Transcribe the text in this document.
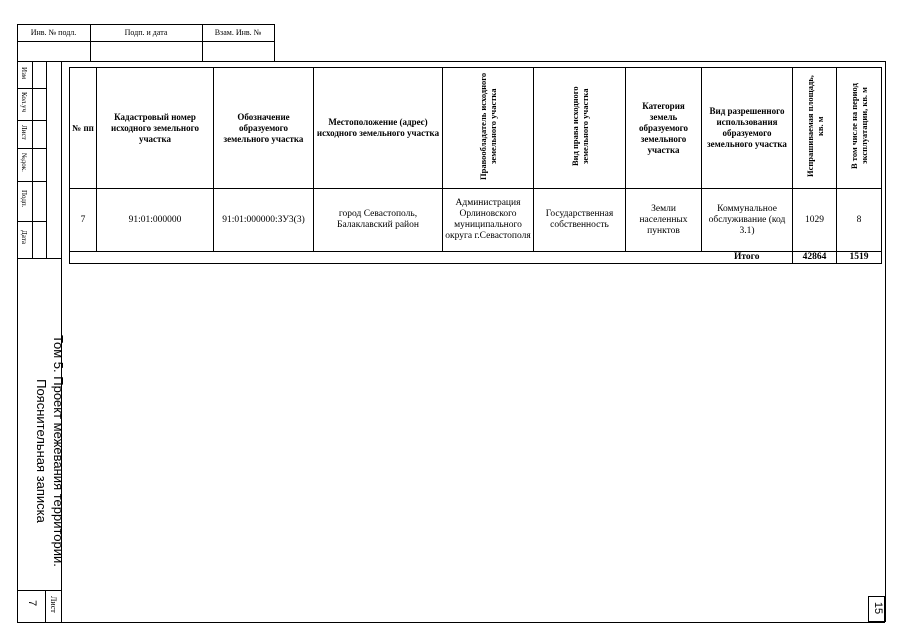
Инв. № подл.	Подп. и дата	Взам. Инв. №
Изм
Кол.уч
Лист
№док.
Подп.
Дата
Лист
7
Том 5. Проект межевания территории.
Пояснительная записка
№ пп	Кадастровый номер исходного земельного участка	Обозначение образуемого земельного участка	Местоположение (адрес) исходного земельного участка	Правообладатель исходного земельного участка	Вид права исходного земельного участка	Категория земель образуемого земельного участка	Вид разрешенного использования образуемого земельного участка	Испрашиваемая площадь, кв. м	В том числе на период эксплуатации, кв. м
7	91:01:000000	91:01:000000:ЗУ3(3)	город Севастополь, Балаклавский район	Администрация Орлиновского муниципального округа г.Севастополя	Государственная собственность	Земли населенных пунктов	Коммунальное обслуживание (код 3.1)	1029	8
							Итого	42864	1519
15
